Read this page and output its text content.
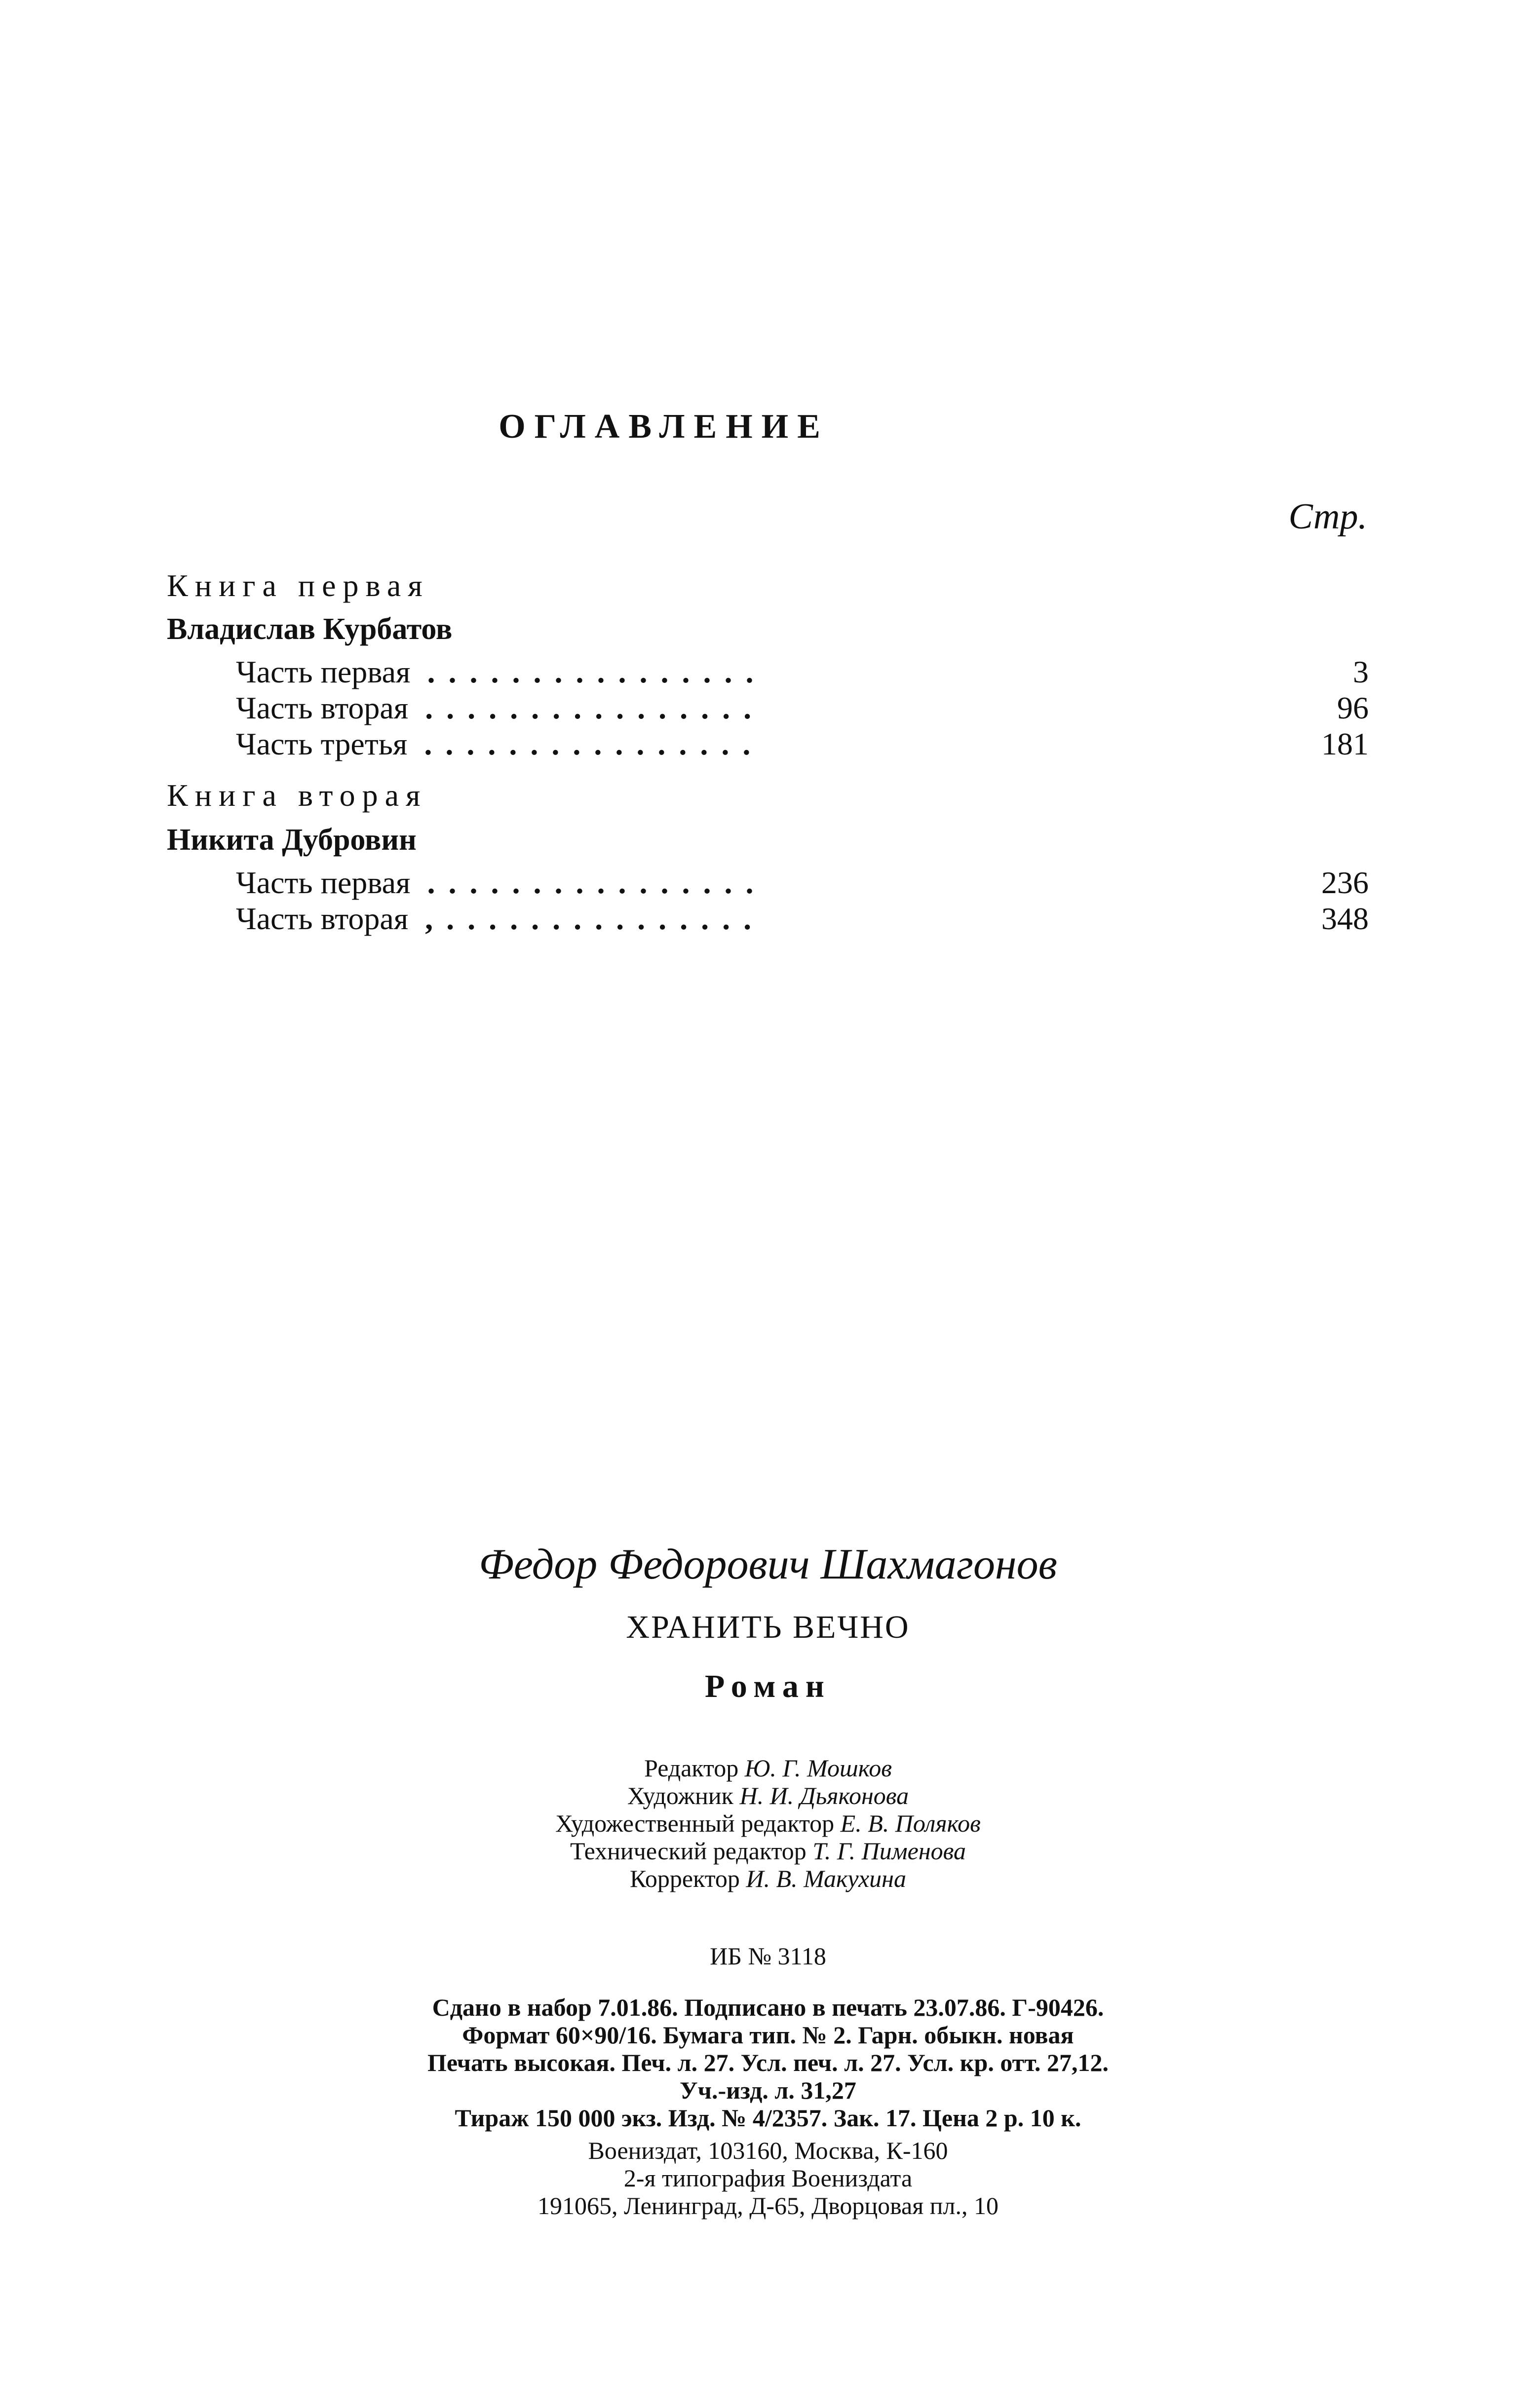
ОГЛАВЛЕНИЕ
Стр.
Книга первая
Владислав Курбатов
Часть первая ................	3
Часть вторая ................	96
Часть третья ................	181
Книга вторая
Никита Дубровин
Часть первая ................	236
Часть вторая ,...............	348
Федор Федорович Шахмагонов
ХРАНИТЬ ВЕЧНО
Роман
Редактор Ю. Г. Мошков
Художник Н. И. Дьяконова
Художественный редактор Е. В. Поляков
Технический редактор Т. Г. Пименова
Корректор И. В. Макухина
ИБ № 3118
Сдано в набор 7.01.86. Подписано в печать 23.07.86. Г-90426.
Формат 60×90/16. Бумага тип. № 2. Гарн. обыкн. новая
Печать высокая. Печ. л. 27. Усл. печ. л. 27. Усл. кр. отт. 27,12.
Уч.-изд. л. 31,27
Тираж 150 000 экз. Изд. № 4/2357. Зак. 17. Цена 2 р. 10 к.
Воениздат, 103160, Москва, К-160
2-я типография Воениздата
191065, Ленинград, Д-65, Дворцовая пл., 10
